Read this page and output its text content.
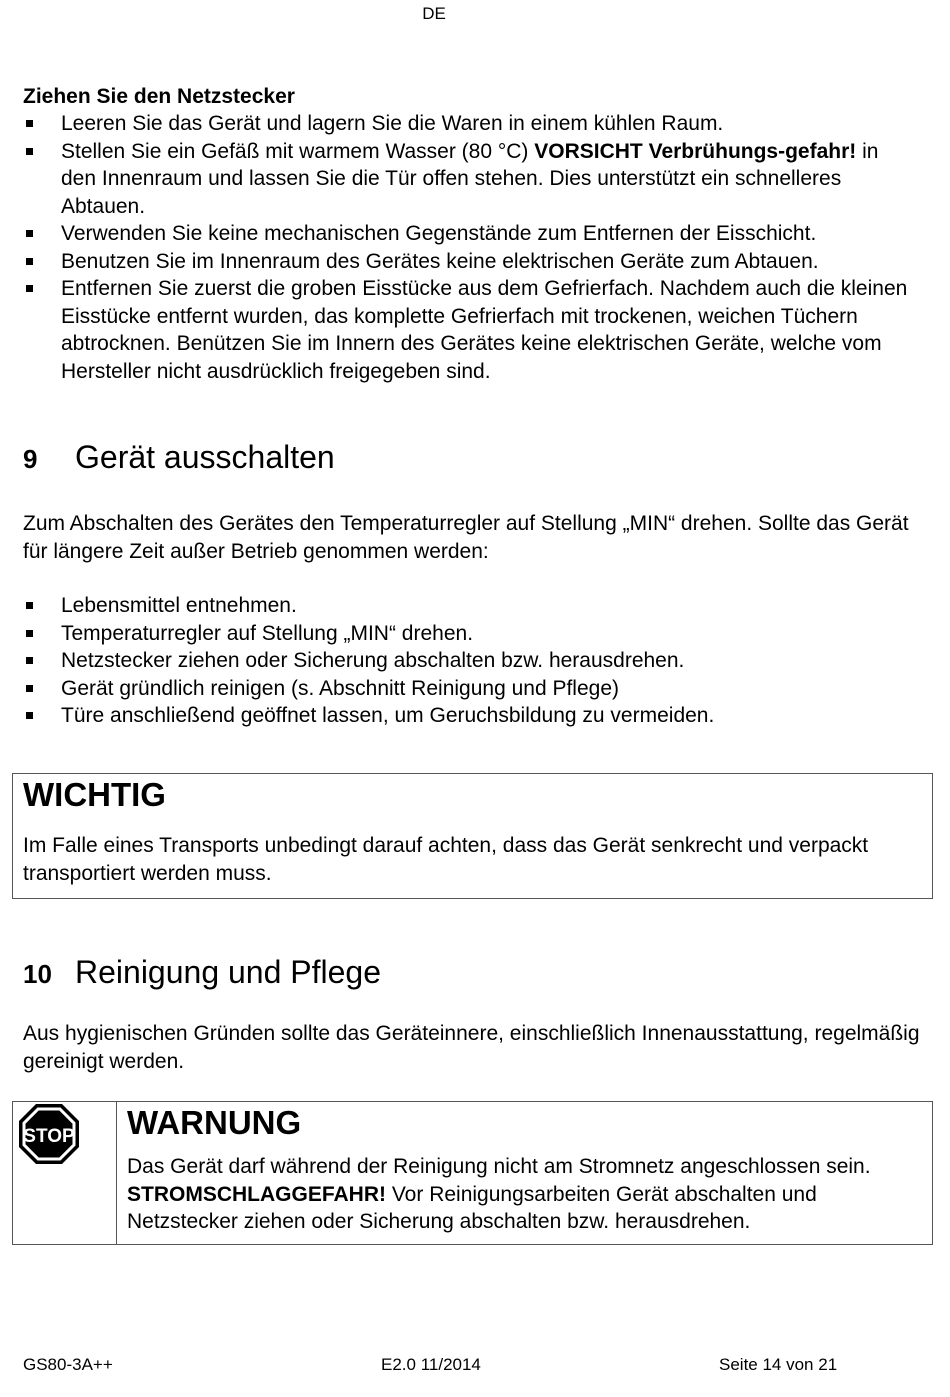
DE
Ziehen Sie den Netzstecker
Leeren Sie das Gerät und lagern Sie die Waren in einem kühlen Raum.
Stellen Sie ein Gefäß mit warmem Wasser (80 °C) VORSICHT Verbrühungs-gefahr! in den Innenraum und lassen Sie die Tür offen stehen. Dies unterstützt ein schnelleres Abtauen.
Verwenden Sie keine mechanischen Gegenstände zum Entfernen der Eisschicht.
Benutzen Sie im Innenraum des Gerätes keine elektrischen Geräte zum Abtauen.
Entfernen Sie zuerst die groben Eisstücke aus dem Gefrierfach. Nachdem auch die kleinen Eisstücke entfernt wurden, das komplette Gefrierfach mit trockenen, weichen Tüchern abtrocknen. Benützen Sie im Innern des Gerätes keine elektrischen Geräte, welche vom Hersteller nicht ausdrücklich freigegeben sind.
9 Gerät ausschalten

Zum Abschalten des Gerätes den Temperaturregler auf Stellung „MIN“ drehen. Sollte das Gerät für längere Zeit außer Betrieb genommen werden:

Lebensmittel entnehmen.
Temperaturregler auf Stellung „MIN“ drehen.
Netzstecker ziehen oder Sicherung abschalten bzw. herausdrehen.
Gerät gründlich reinigen (s. Abschnitt Reinigung und Pflege)
Türe anschließend geöffnet lassen, um Geruchsbildung zu vermeiden.
WICHTIG

Im Falle eines Transports unbedingt darauf achten, dass das Gerät senkrecht und verpackt transportiert werden muss.

10 Reinigung und Pflege

Aus hygienischen Gründen sollte das Geräteinnere, einschließlich Innenausstattung, regelmäßig gereinigt werden.

STOP WARNUNG

Das Gerät darf während der Reinigung nicht am Stromnetz angeschlossen sein. STROMSCHLAGGEFAHR! Vor Reinigungsarbeiten Gerät abschalten und Netzstecker ziehen oder Sicherung abschalten bzw. herausdrehen.

GS80-3A++	E2.0 11/2014	Seite 14 von 21
